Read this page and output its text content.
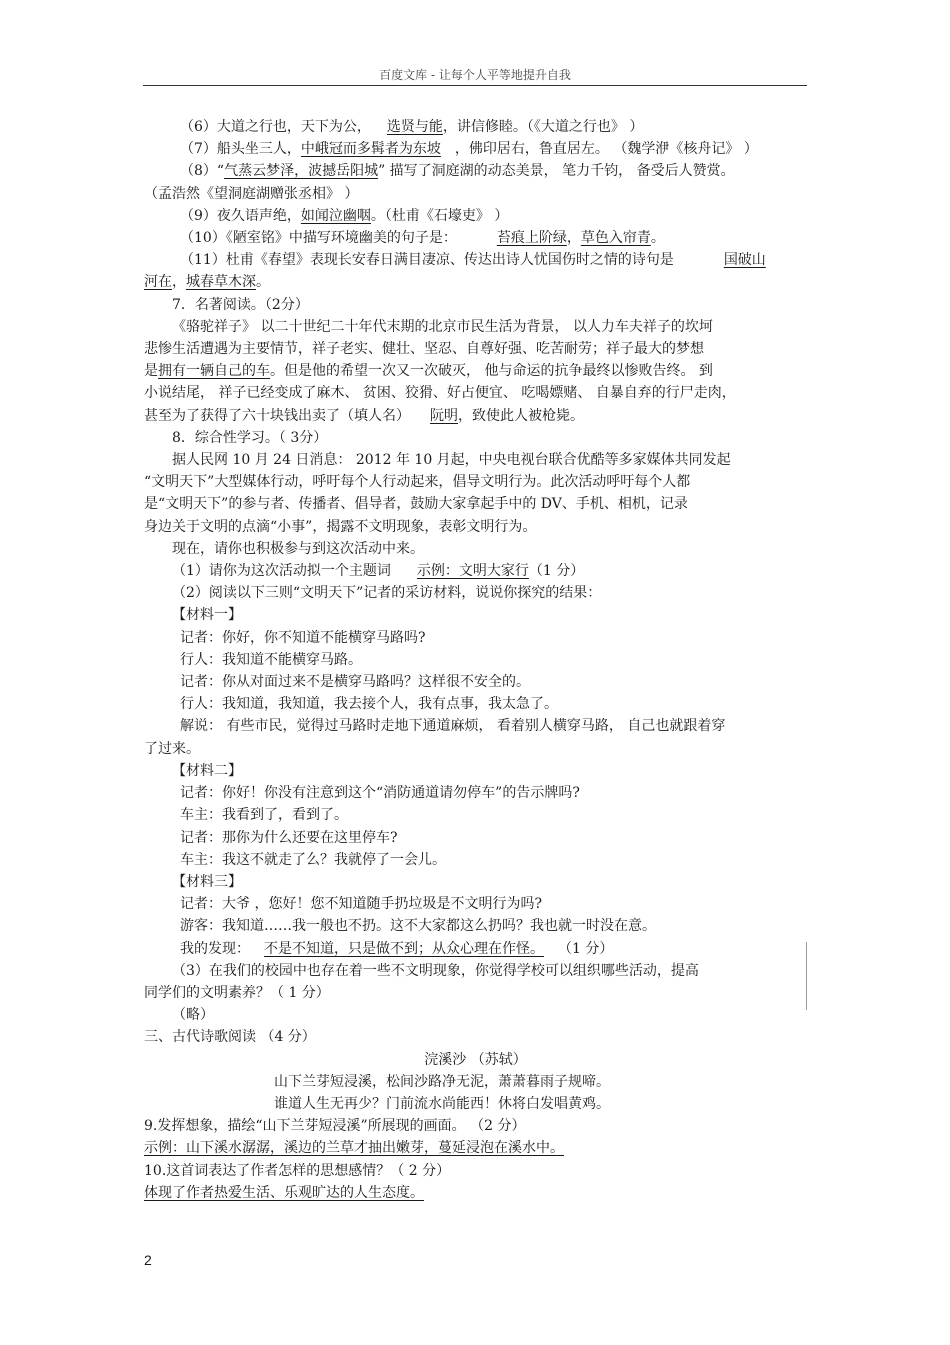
百度文库 - 让每个人平等地提升自我

（6）大道之行也，天下为公， 选贤与能，讲信修睦。（《大道之行也》 ）

（7）船头坐三人，中峨冠而多髯者为东坡 ，佛印居右，鲁直居左。 （魏学洢《核舟记》 ）

（8）“气蒸云梦泽，波撼岳阳城” 描写了洞庭湖的动态美景， 笔力千钧， 备受后人赞赏。

（孟浩然《望洞庭湖赠张丞相》 ）

（9）夜久语声绝，如闻泣幽咽。（杜甫《石壕吏》 ）

（10）《陋室铭》中描写环境幽美的句子是：	苔痕上阶绿，草色入帘青。

（11）杜甫《春望》表现长安春日满目凄凉、传达出诗人忧国伤时之情的诗句是	国破山

河在，城春草木深。

7．名著阅读。（2分）

《骆驼祥子》 以二十世纪二十年代末期的北京市民生活为背景， 以人力车夫祥子的坎坷

悲惨生活遭遇为主要情节，祥子老实、健壮、坚忍、自尊好强、吃苦耐劳；祥子最大的梦想

是拥有一辆自己的车。但是他的希望一次又一次破灭， 他与命运的抗争最终以惨败告终。 到

小说结尾， 祥子已经变成了麻木、 贫困、狡猾、好占便宜、 吃喝嫖赌、 自暴自弃的行尸走肉，

甚至为了获得了六十块钱出卖了（填人名） 阮明，致使此人被枪毙。

8．综合性学习。（ 3分）

据人民网 10 月 24 日消息： 2012 年 10 月起，中央电视台联合优酷等多家媒体共同发起

“文明天下”大型媒体行动，呼吁每个人行动起来，倡导文明行为。此次活动呼吁每个人都

是“文明天下”的参与者、传播者、倡导者，鼓励大家拿起手中的 DV、手机、相机，记录

身边关于文明的点滴“小事”，揭露不文明现象，表彰文明行为。

现在，请你也积极参与到这次活动中来。

（1）请你为这次活动拟一个主题词 示例：文明大家行（1 分）

（2）阅读以下三则“文明天下”记者的采访材料，说说你探究的结果：

【材料一】

记者：你好，你不知道不能横穿马路吗?

行人：我知道不能横穿马路。

记者：你从对面过来不是横穿马路吗？这样很不安全的。

行人：我知道，我知道，我去接个人，我有点事，我太急了。

解说： 有些市民，觉得过马路时走地下通道麻烦， 看着别人横穿马路， 自己也就跟着穿

了过来。

【材料二】

记者：你好！你没有注意到这个“消防通道请勿停车”的告示牌吗?

车主：我看到了，看到了。

记者：那你为什么还要在这里停车?

车主：我这不就走了么？我就停了一会儿。

【材料三】

记者：大爷 ，您好！您不知道随手扔垃圾是不文明行为吗?

游客：我知道……我一般也不扔。这不大家都这么扔吗？我也就一时没在意。

我的发现： 不是不知道，只是做不到；从众心理在作怪。 （1 分）

（3）在我们的校园中也存在着一些不文明现象，你觉得学校可以组织哪些活动，提高

同学们的文明素养？（ 1 分）

（略）

三、古代诗歌阅读 （4 分）

浣溪沙 （苏轼）

山下兰芽短浸溪，松间沙路净无泥，萧萧暮雨子规啼。

谁道人生无再少？门前流水尚能西！休将白发唱黄鸡。

9.发挥想象，描绘“山下兰芽短浸溪”所展现的画面。 （2 分）

示例：山下溪水潺潺，溪边的兰草才抽出嫩芽，蔓延浸泡在溪水中。

10.这首词表达了作者怎样的思想感情？（ 2 分）

体现了作者热爱生活、乐观旷达的人生态度。

2
